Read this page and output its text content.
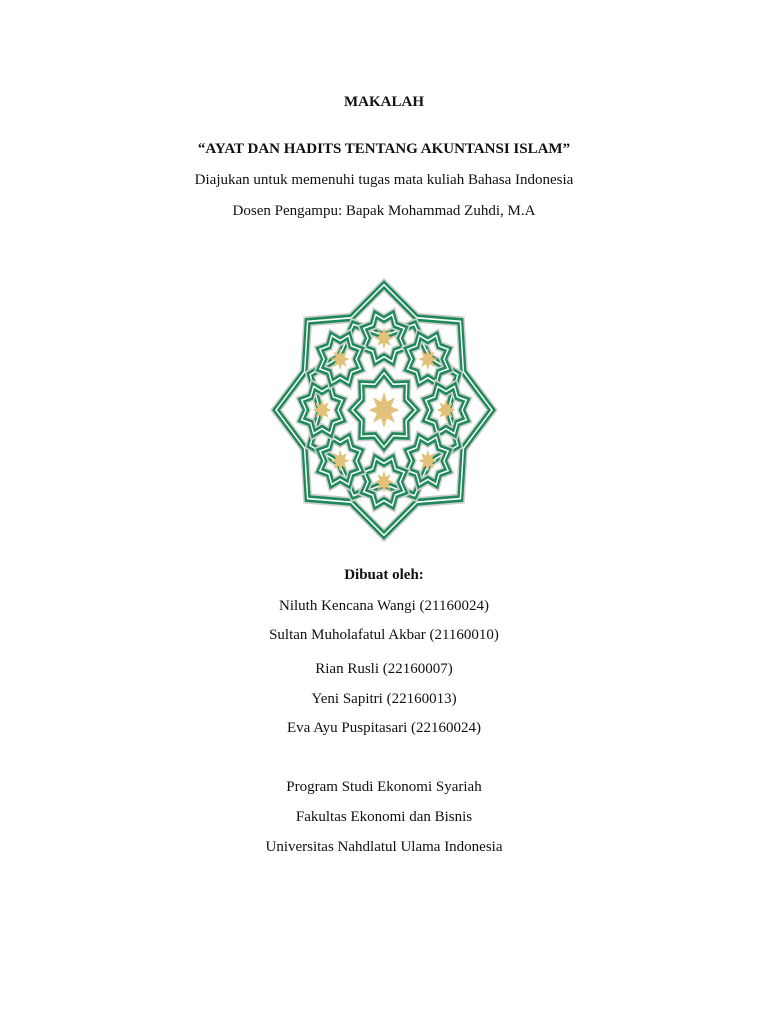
MAKALAH
“AYAT DAN HADITS TENTANG AKUNTANSI ISLAM”
Diajukan untuk memenuhi tugas mata kuliah Bahasa Indonesia
Dosen Pengampu: Bapak Mohammad Zuhdi, M.A
Dibuat oleh:
Niluth Kencana Wangi (21160024)
Sultan Muholafatul Akbar (21160010)
Rian Rusli (22160007)
Yeni Sapitri (22160013)
Eva Ayu Puspitasari (22160024)
Program Studi Ekonomi Syariah
Fakultas Ekonomi dan Bisnis
Universitas Nahdlatul Ulama Indonesia
